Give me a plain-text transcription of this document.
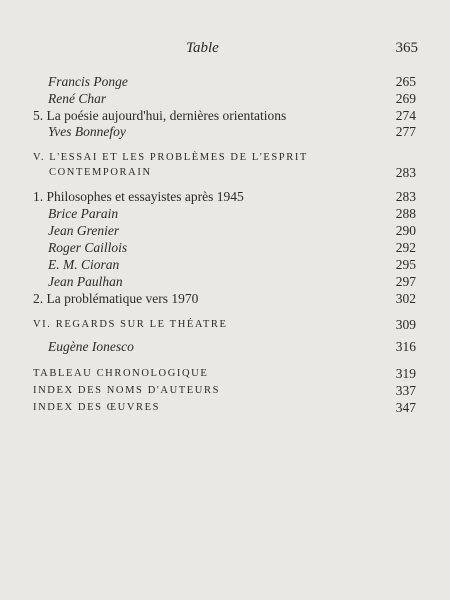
Table	365
Francis Ponge	265
René Char	269
5. La poésie aujourd'hui, dernières orientations	274
Yves Bonnefoy	277
V. L'ESSAI ET LES PROBLÈMES DE L'ESPRIT
CONTEMPORAIN	283
1. Philosophes et essayistes après 1945	283
Brice Parain	288
Jean Grenier	290
Roger Caillois	292
E. M. Cioran	295
Jean Paulhan	297
2. La problématique vers 1970	302
VI. REGARDS SUR LE THÉATRE	309
Eugène Ionesco	316
TABLEAU CHRONOLOGIQUE	319
INDEX DES NOMS D'AUTEURS	337
INDEX DES ŒUVRES	347
